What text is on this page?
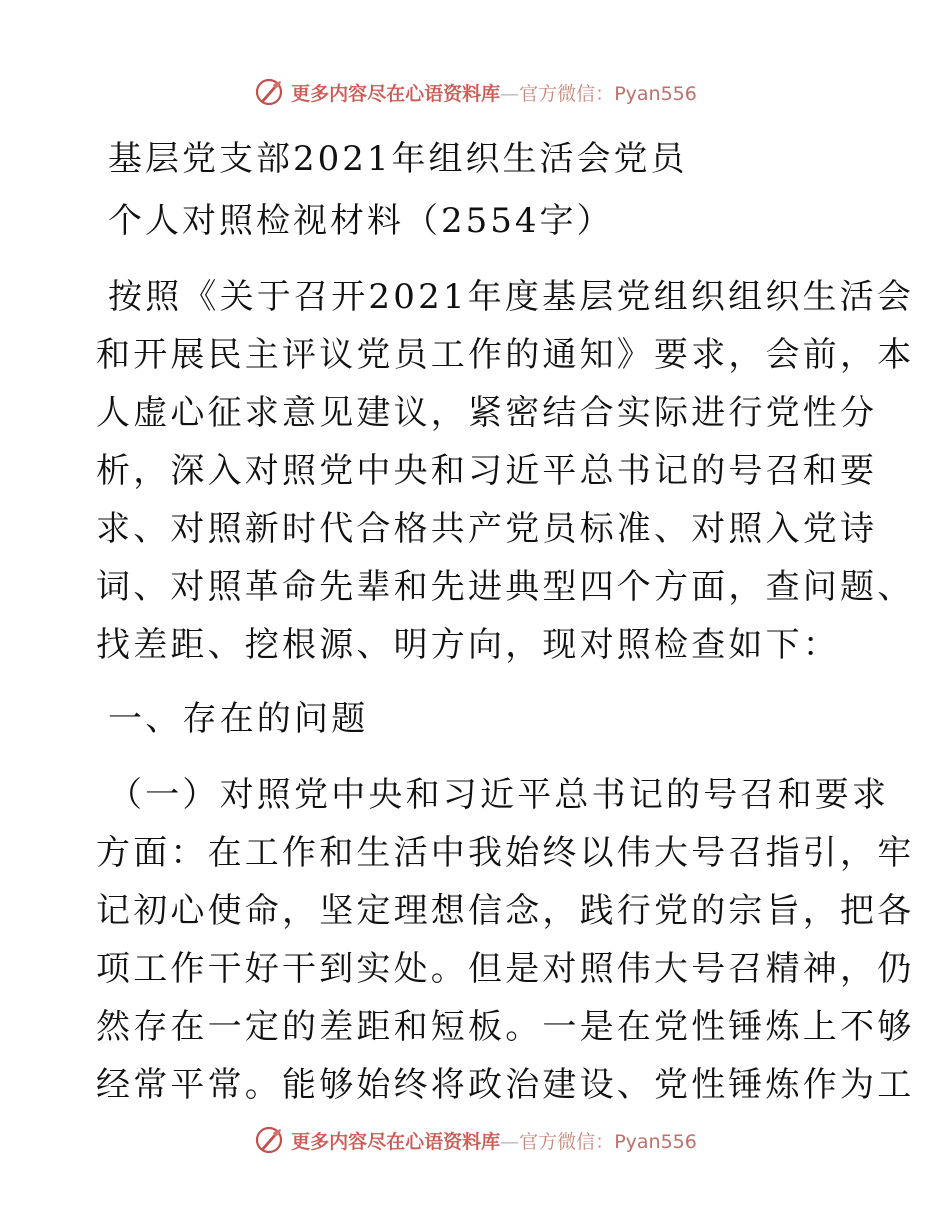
更多内容尽在心语资料库—官方微信：Pyan556
基层党支部2021年组织生活会党员
个人对照检视材料（2554字）
按照《关于召开2021年度基层党组织组织生活会
和开展民主评议党员工作的通知》要求，会前，本
人虚心征求意见建议，紧密结合实际进行党性分
析，深入对照党中央和习近平总书记的号召和要
求、对照新时代合格共产党员标准、对照入党诗
词、对照革命先辈和先进典型四个方面，查问题、
找差距、挖根源、明方向，现对照检查如下：
一、存在的问题
（一）对照党中央和习近平总书记的号召和要求
方面：在工作和生活中我始终以伟大号召指引，牢
记初心使命，坚定理想信念，践行党的宗旨，把各
项工作干好干到实处。但是对照伟大号召精神，仍
然存在一定的差距和短板。一是在党性锤炼上不够
经常平常。能够始终将政治建设、党性锤炼作为工
更多内容尽在心语资料库—官方微信：Pyan556
